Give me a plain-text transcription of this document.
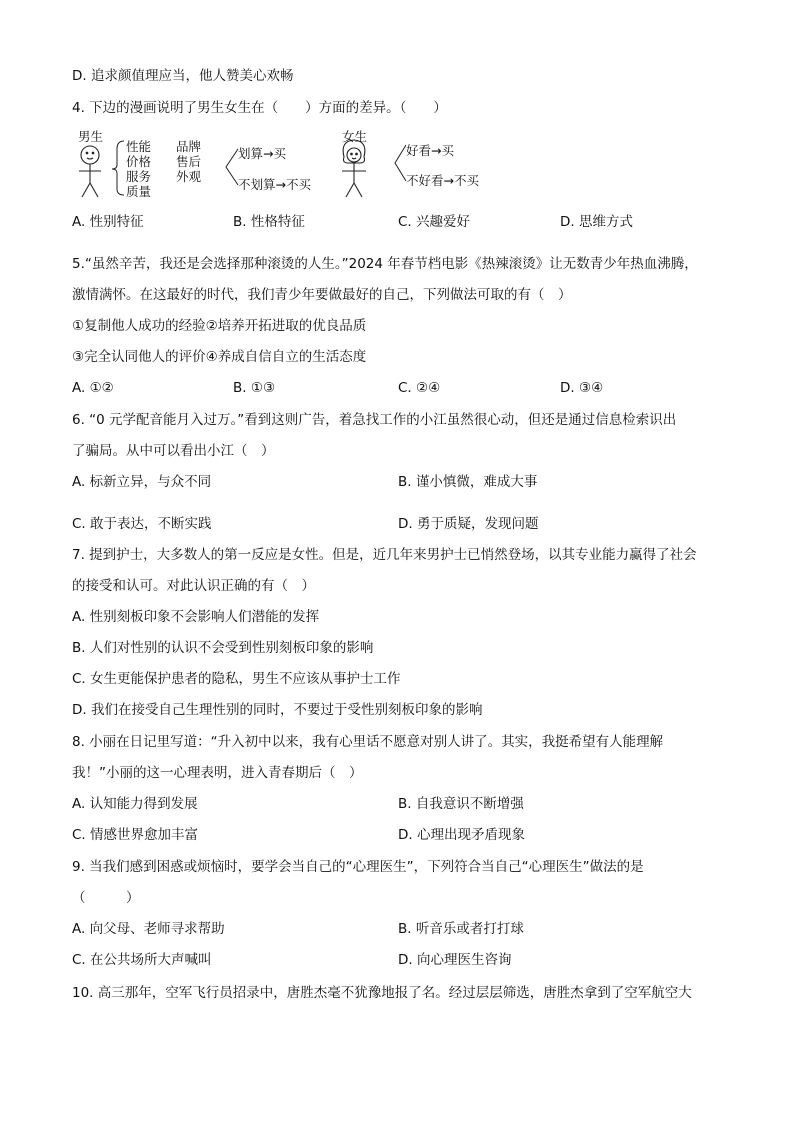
D. 追求颜值理应当，他人赞美心欢畅
4. 下边的漫画说明了男生女生在（　　）方面的差异。（　　）
男生
性能
价格
服务
质量
品牌
售后
外观
划算→买
不划算→不买
女生
好看→买
不好看→不买
A. 性别特征	B. 性格特征	C. 兴趣爱好	D. 思维方式
5.“虽然辛苦，我还是会选择那种滚烫的人生。”2024 年春节档电影《热辣滚烫》让无数青少年热血沸腾，
激情满怀。在这最好的时代，我们青少年要做最好的自己，下列做法可取的有（　）
①复制他人成功的经验②培养开拓进取的优良品质
③完全认同他人的评价④养成自信自立的生活态度
A. ①②	B. ①③	C. ②④	D. ③④
6. “0 元学配音能月入过万。”看到这则广告，着急找工作的小江虽然很心动，但还是通过信息检索识出
了骗局。从中可以看出小江（　）
A. 标新立异，与众不同	B. 谨小慎微，难成大事
C. 敢于表达，不断实践	D. 勇于质疑，发现问题
7. 提到护士，大多数人的第一反应是女性。但是，近几年来男护士已悄然登场，以其专业能力赢得了社会
的接受和认可。对此认识正确的有（　）
A. 性别刻板印象不会影响人们潜能的发挥
B. 人们对性别的认识不会受到性别刻板印象的影响
C. 女生更能保护患者的隐私，男生不应该从事护士工作
D. 我们在接受自己生理性别的同时，不要过于受性别刻板印象的影响
8. 小丽在日记里写道：“升入初中以来，我有心里话不愿意对别人讲了。其实，我挺希望有人能理解
我！”小丽的这一心理表明，进入青春期后（　）
A. 认知能力得到发展	B. 自我意识不断增强
C. 情感世界愈加丰富	D. 心理出现矛盾现象
9. 当我们感到困惑或烦恼时，要学会当自己的“心理医生”，下列符合当自己“心理医生”做法的是
（　　　）
A. 向父母、老师寻求帮助	B. 听音乐或者打打球
C. 在公共场所大声喊叫	D. 向心理医生咨询
10. 高三那年，空军飞行员招录中，唐胜杰毫不犹豫地报了名。经过层层筛选，唐胜杰拿到了空军航空大
